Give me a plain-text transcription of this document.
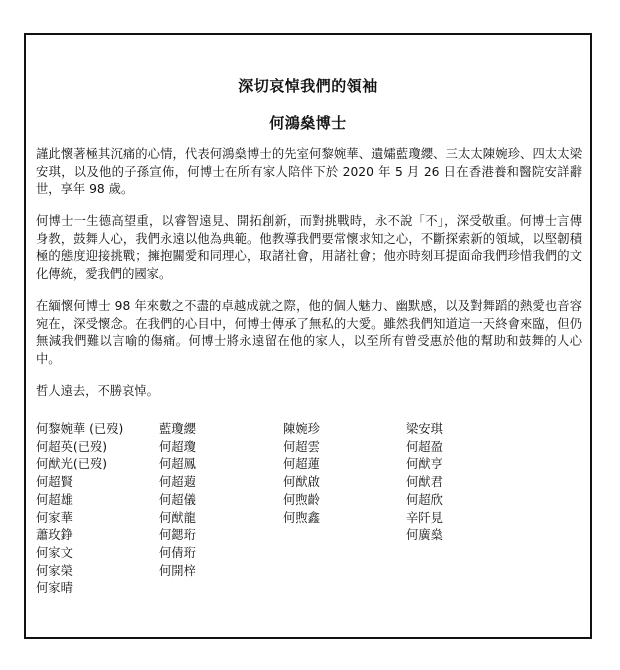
深切哀悼我們的領袖
何鴻燊博士

謹此懷著極其沉痛的心情，代表何鴻燊博士的先室何黎婉華、遺孀藍瓊纓、三太太陳婉珍、四太太梁安琪，以及他的子孫宣佈，何博士在所有家人陪伴下於 2020 年 5 月 26 日在香港養和醫院安詳辭世，享年 98 歲。

何博士一生德高望重，以睿智遠見、開拓創新，而對挑戰時，永不說「不」，深受敬重。何博士言傳身教，鼓舞人心，我們永遠以他為典範。他教導我們要常懷求知之心，不斷探索新的領域，以堅韌積極的態度迎接挑戰；擁抱關愛和同理心，取諸社會，用諸社會；他亦時刻耳提面命我們珍惜我們的文化傳統，愛我們的國家。

在緬懷何博士 98 年來數之不盡的卓越成就之際，他的個人魅力、幽默感，以及對舞蹈的熱愛也音容宛在，深受懷念。在我們的心目中，何博士傳承了無私的大愛。雖然我們知道這一天終會來臨，但仍無減我們難以言喻的傷痛。何博士將永遠留在他的家人，以至所有曾受惠於他的幫助和鼓舞的人心中。

哲人遠去，不勝哀悼。

何黎婉華 (已歿)
何超英(已歿)
何猷光(已歿)
何超賢
何超雄
何家華
蕭玫錚
何家文
何家榮
何家晴
藍瓊纓
何超瓊
何超鳳
何超蕸
何超儀
何猷龍
何鍶珩
何倩珩
何開梓
陳婉珍
何超雲
何超蓮
何猷啟
何煦齡
何煦鑫
梁安琪
何超盈
何猷亨
何猷君
何超欣
辛阡見
何廣燊
